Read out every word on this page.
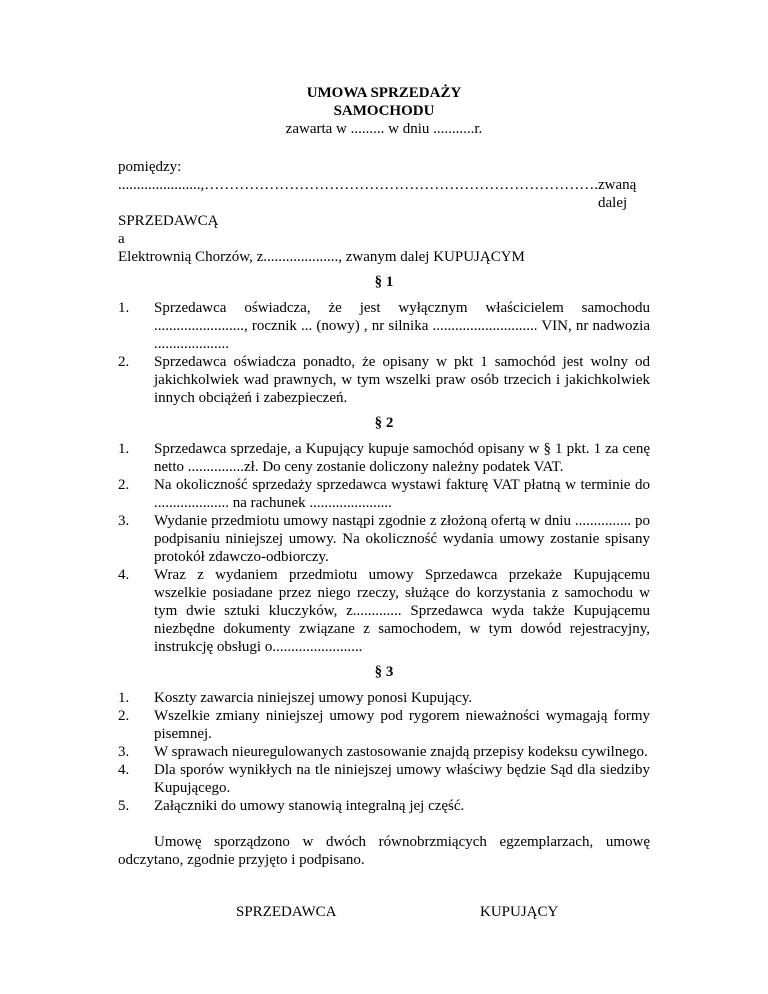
UMOWA SPRZEDAŻY
SAMOCHODU
zawarta w ......... w dniu ...........r.

pomiędzy:

......................,……………………………………………………………………. zwaną dalej

SPRZEDAWCĄ

a

Elektrownią Chorzów, z...................., zwanym dalej KUPUJĄCYM

§ 1
1. Sprzedawca oświadcza, że jest wyłącznym właścicielem samochodu ........................, rocznik ... (nowy) , nr silnika ............................ VIN, nr nadwozia ....................
2. Sprzedawca oświadcza ponadto, że opisany w pkt 1 samochód jest wolny od jakichkolwiek wad prawnych, w tym wszelki praw osób trzecich i jakichkolwiek innych obciążeń i zabezpieczeń.
§ 2
1. Sprzedawca sprzedaje, a Kupujący kupuje samochód opisany w § 1 pkt. 1 za cenę netto ...............zł. Do ceny zostanie doliczony należny podatek VAT.
2. Na okoliczność sprzedaży sprzedawca wystawi fakturę VAT płatną w terminie do .................... na rachunek ......................
3. Wydanie przedmiotu umowy nastąpi zgodnie z złożoną ofertą w dniu ............... po podpisaniu niniejszej umowy. Na okoliczność wydania umowy zostanie spisany protokół zdawczo-odbiorczy.
4. Wraz z wydaniem przedmiotu umowy Sprzedawca przekaże Kupującemu wszelkie posiadane przez niego rzeczy, służące do korzystania z samochodu w tym dwie sztuki kluczyków, z............. Sprzedawca wyda także Kupującemu niezbędne dokumenty związane z samochodem, w tym dowód rejestracyjny, instrukcję obsługi o........................
§ 3
1. Koszty zawarcia niniejszej umowy ponosi Kupujący.
2. Wszelkie zmiany niniejszej umowy pod rygorem nieważności wymagają formy pisemnej.
3. W sprawach nieuregulowanych zastosowanie znajdą przepisy kodeksu cywilnego.
4. Dla sporów wynikłych na tle niniejszej umowy właściwy będzie Sąd dla siedziby Kupującego.
5. Załączniki do umowy stanowią integralną jej część.

Umowę sporządzono w dwóch równobrzmiących egzemplarzach, umowę odczytano, zgodnie przyjęto i podpisano.

SPRZEDAWCA	KUPUJĄCY
